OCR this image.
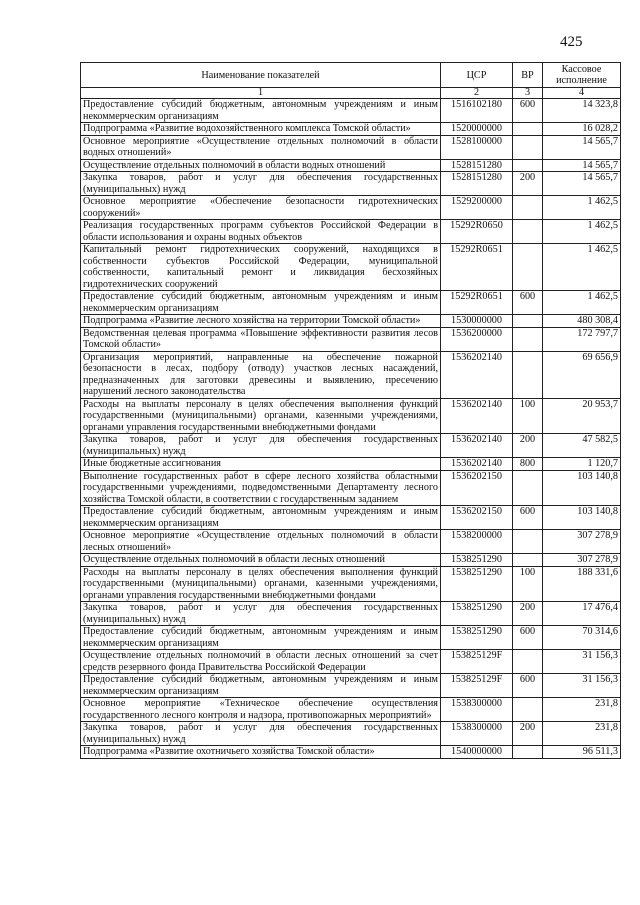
425
Наименование показателей	ЦСР	ВР	Кассовое исполнение
1	2	3	4
Предоставление субсидий бюджетным, автономным учреждениям и иным некоммерческим организациям	1516102180	600	14 323,8
Подпрограмма «Развитие водохозяйственного комплекса Томской области»	1520000000		16 028,2
Основное мероприятие «Осуществление отдельных полномочий в области водных отношений»	1528100000		14 565,7
Осуществление отдельных полномочий в области водных отношений	1528151280		14 565,7
Закупка товаров, работ и услуг для обеспечения государственных (муниципальных) нужд	1528151280	200	14 565,7
Основное мероприятие «Обеспечение безопасности гидротехнических сооружений»	1529200000		1 462,5
Реализация государственных программ субъектов Российской Федерации в области использования и охраны водных объектов	15292R0650		1 462,5
Капитальный ремонт гидротехнических сооружений, находящихся в собственности субъектов Российской Федерации, муниципальной собственности, капитальный ремонт и ликвидация бесхозяйных гидротехнических сооружений	15292R0651		1 462,5
Предоставление субсидий бюджетным, автономным учреждениям и иным некоммерческим организациям	15292R0651	600	1 462,5
Подпрограмма «Развитие лесного хозяйства на территории Томской области»	1530000000		480 308,4
Ведомственная целевая программа «Повышение эффективности развития лесов Томской области»	1536200000		172 797,7
Организация мероприятий, направленные на обеспечение пожарной безопасности в лесах, подбору (отводу) участков лесных насаждений, предназначенных для заготовки древесины и выявлению, пресечению нарушений лесного законодательства	1536202140		69 656,9
Расходы на выплаты персоналу в целях обеспечения выполнения функций государственными (муниципальными) органами, казенными учреждениями, органами управления государственными внебюджетными фондами	1536202140	100	20 953,7
Закупка товаров, работ и услуг для обеспечения государственных (муниципальных) нужд	1536202140	200	47 582,5
Иные бюджетные ассигнования	1536202140	800	1 120,7
Выполнение государственных работ в сфере лесного хозяйства областными государственными учреждениями, подведомственными Департаменту лесного хозяйства Томской области, в соответствии с государственным заданием	1536202150		103 140,8
Предоставление субсидий бюджетным, автономным учреждениям и иным некоммерческим организациям	1536202150	600	103 140,8
Основное мероприятие «Осуществление отдельных полномочий в области лесных отношений»	1538200000		307 278,9
Осуществление отдельных полномочий в области лесных отношений	1538251290		307 278,9
Расходы на выплаты персоналу в целях обеспечения выполнения функций государственными (муниципальными) органами, казенными учреждениями, органами управления государственными внебюджетными фондами	1538251290	100	188 331,6
Закупка товаров, работ и услуг для обеспечения государственных (муниципальных) нужд	1538251290	200	17 476,4
Предоставление субсидий бюджетным, автономным учреждениям и иным некоммерческим организациям	1538251290	600	70 314,6
Осуществление отдельных полномочий в области лесных отношений за счет средств резервного фонда Правительства Российской Федерации	153825129F		31 156,3
Предоставление субсидий бюджетным, автономным учреждениям и иным некоммерческим организациям	153825129F	600	31 156,3
Основное мероприятие «Техническое обеспечение осуществления государственного лесного контроля и надзора, противопожарных мероприятий»	1538300000		231,8
Закупка товаров, работ и услуг для обеспечения государственных (муниципальных) нужд	1538300000	200	231,8
Подпрограмма «Развитие охотничьего хозяйства Томской области»	1540000000		96 511,3
